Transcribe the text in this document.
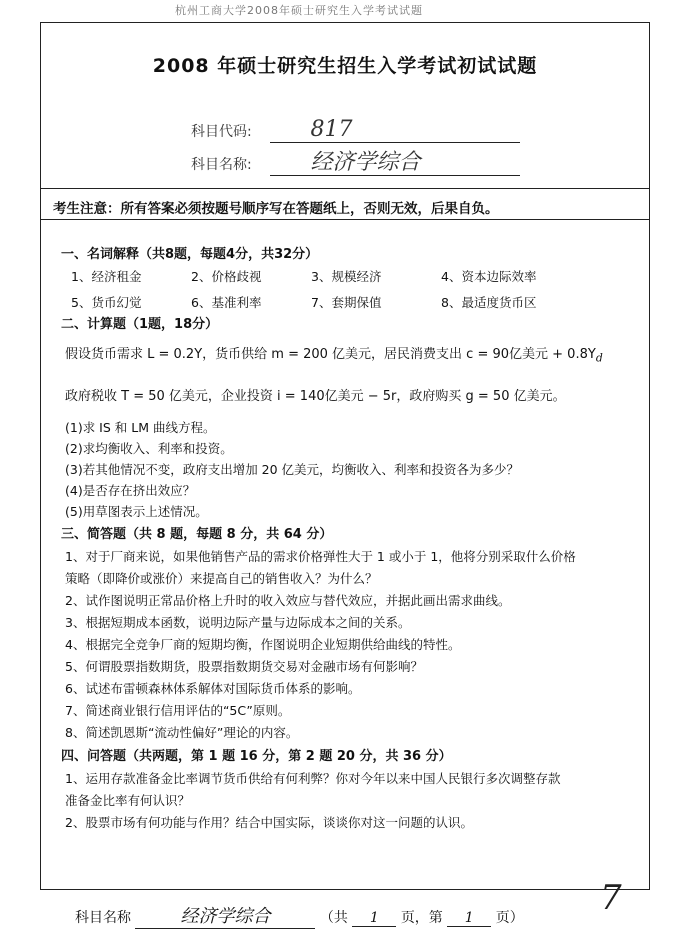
杭州工商大学2008年硕士研究生入学考试试题
2008 年硕士研究生招生入学考试初试试题
科目代码:	817
科目名称:	经济学综合
考生注意：所有答案必须按题号顺序写在答题纸上，否则无效，后果自负。
一、名词解释（共8题，每题4分，共32分）
1、经济租金	2、价格歧视	3、规模经济	4、资本边际效率
5、货币幻觉	6、基准利率	7、套期保值	8、最适度货币区
二、计算题（1题，18分）
假设货币需求 L = 0.2Y，货币供给 m = 200 亿美元，居民消费支出 c = 90亿美元 + $0.8Y_d$
政府税收 T = 50 亿美元，企业投资 i = 140亿美元 − 5r，政府购买 g = 50 亿美元。
(1)求 IS 和 LM 曲线方程。
(2)求均衡收入、利率和投资。
(3)若其他情况不变，政府支出增加 20 亿美元，均衡收入、利率和投资各为多少？
(4)是否存在挤出效应？
(5)用草图表示上述情况。
三、简答题（共 8 题，每题 8 分，共 64 分）
1、对于厂商来说，如果他销售产品的需求价格弹性大于 1 或小于 1，他将分别采取什么价格
策略（即降价或涨价）来提高自己的销售收入？为什么？
2、试作图说明正常品价格上升时的收入效应与替代效应，并据此画出需求曲线。
3、根据短期成本函数，说明边际产量与边际成本之间的关系。
4、根据完全竞争厂商的短期均衡，作图说明企业短期供给曲线的特性。
5、何谓股票指数期货，股票指数期货交易对金融市场有何影响？
6、试述布雷顿森林体系解体对国际货币体系的影响。
7、简述商业银行信用评估的“5C”原则。
8、简述凯恩斯“流动性偏好”理论的内容。
四、问答题（共两题，第 1 题 16 分，第 2 题 20 分，共 36 分）
1、运用存款准备金比率调节货币供给有何利弊？你对今年以来中国人民银行多次调整存款
准备金比率有何认识？
2、股票市场有何功能与作用？结合中国实际，谈谈你对这一问题的认识。
科目名称	经济学综合	（共 1 页，第 1 页） 7
